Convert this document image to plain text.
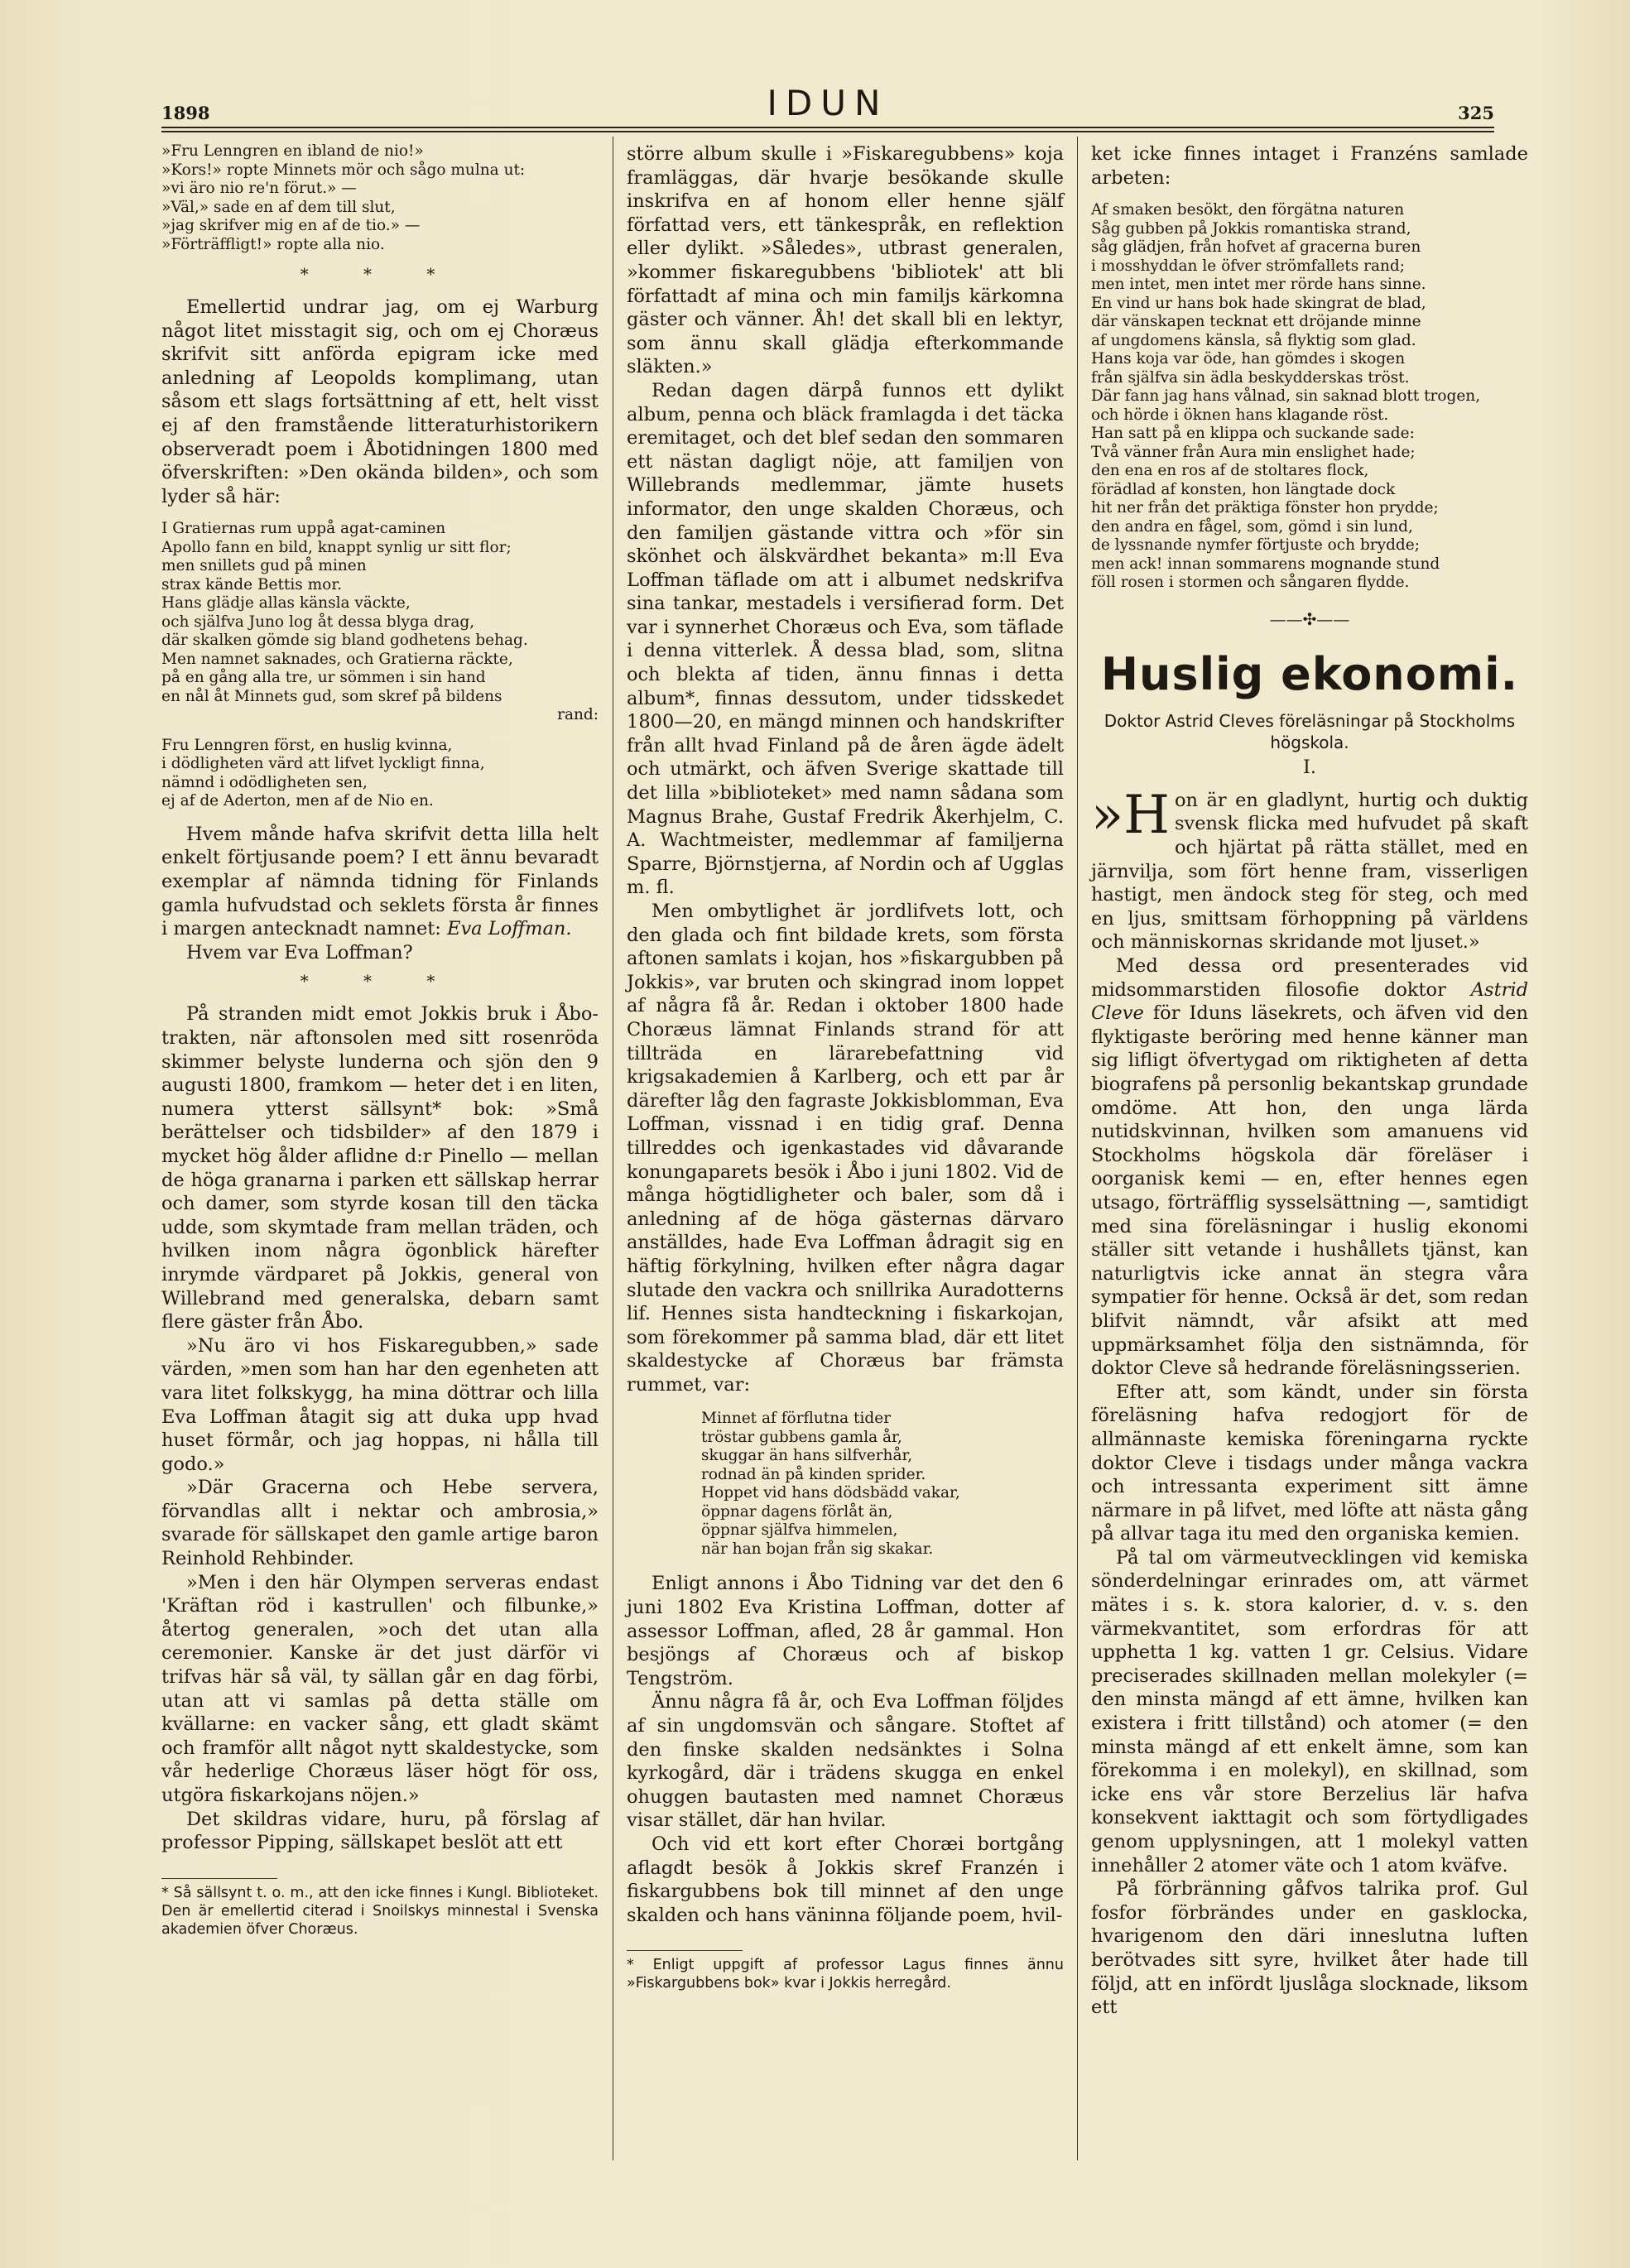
1898	IDUN	325
»Fru Lenngren en ibland de nio!»
»Kors!» ropte Minnets mör och sågo mulna ut:
»vi äro nio re'n förut.» —
»Väl,» sade en af dem till slut,
»jag skrifver mig en af de tio.» —
»Förträffligt!» ropte alla nio.
* * *

Emellertid undrar jag, om ej Warburg något litet misstagit sig, och om ej Choræus skrifvit sitt anförda epigram icke med anledning af Leopolds komplimang, utan såsom ett slags fortsättning af ett, helt visst ej af den framstående litteraturhistorikern observeradt poem i Åbotidningen 1800 med öfverskriften: »Den okända bilden», och som lyder så här:

I Gratiernas rum uppå agat-caminen
Apollo fann en bild, knappt synlig ur sitt flor;
men snillets gud på minen
strax kände Bettis mor.
Hans glädje allas känsla väckte,
och själfva Juno log åt dessa blyga drag,
där skalken gömde sig bland godhetens behag.
Men namnet saknades, och Gratierna räckte,
på en gång alla tre, ur sömmen i sin hand
en nål åt Minnets gud, som skref på bildens
rand:
Fru Lenngren först, en huslig kvinna,
i dödligheten värd att lifvet lyckligt finna,
nämnd i odödligheten sen,
ej af de Aderton, men af de Nio en.

Hvem månde hafva skrifvit detta lilla helt enkelt förtjusande poem? I ett ännu bevaradt exemplar af nämnda tidning för Finlands gamla hufvudstad och seklets första år finnes i margen antecknadt namnet: Eva Loffman.

Hvem var Eva Loffman?

* * *

På stranden midt emot Jokkis bruk i Åbo-trakten, när aftonsolen med sitt rosenröda skimmer belyste lunderna och sjön den 9 augusti 1800, framkom — heter det i en liten, numera ytterst sällsynt* bok: »Små berättelser och tidsbilder» af den 1879 i mycket hög ålder aflidne d:r Pinello — mellan de höga granarna i parken ett sällskap herrar och damer, som styrde kosan till den täcka udde, som skymtade fram mellan träden, och hvilken inom några ögonblick härefter inrymde värdparet på Jokkis, general von Willebrand med generalska, debarn samt flere gäster från Åbo.

»Nu äro vi hos Fiskaregubben,» sade värden, »men som han har den egenheten att vara litet folkskygg, ha mina döttrar och lilla Eva Loffman åtagit sig att duka upp hvad huset förmår, och jag hoppas, ni hålla till godo.»

»Där Gracerna och Hebe servera, förvandlas allt i nektar och ambrosia,» svarade för sällskapet den gamle artige baron Reinhold Rehbinder.

»Men i den här Olympen serveras endast 'Kräftan röd i kastrullen' och filbunke,» återtog generalen, »och det utan alla ceremonier. Kanske är det just därför vi trifvas här så väl, ty sällan går en dag förbi, utan att vi samlas på detta ställe om kvällarne: en vacker sång, ett gladt skämt och framför allt något nytt skaldestycke, som vår hederlige Choræus läser högt för oss, utgöra fiskarkojans nöjen.»

Det skildras vidare, huru, på förslag af professor Pipping, sällskapet beslöt att ett

* Så sällsynt t. o. m., att den icke finnes i Kungl. Biblioteket. Den är emellertid citerad i Snoilskys minnestal i Svenska akademien öfver Choræus.

större album skulle i »Fiskaregubbens» koja framläggas, där hvarje besökande skulle inskrifva en af honom eller henne själf författad vers, ett tänkespråk, en reflektion eller dylikt. »Således», utbrast generalen, »kommer fiskaregubbens 'bibliotek' att bli författadt af mina och min familjs kärkomna gäster och vänner. Åh! det skall bli en lektyr, som ännu skall glädja efterkommande släkten.»

Redan dagen därpå funnos ett dylikt album, penna och bläck framlagda i det täcka eremitaget, och det blef sedan den sommaren ett nästan dagligt nöje, att familjen von Willebrands medlemmar, jämte husets informator, den unge skalden Choræus, och den familjen gästande vittra och »för sin skönhet och älskvärdhet bekanta» m:ll Eva Loffman täflade om att i albumet nedskrifva sina tankar, mestadels i versifierad form. Det var i synnerhet Choræus och Eva, som täflade i denna vitterlek. Å dessa blad, som, slitna och blekta af tiden, ännu finnas i detta album*, finnas dessutom, under tidsskedet 1800—20, en mängd minnen och handskrifter från allt hvad Finland på de åren ägde ädelt och utmärkt, och äfven Sverige skattade till det lilla »biblioteket» med namn sådana som Magnus Brahe, Gustaf Fredrik Åkerhjelm, C. A. Wachtmeister, medlemmar af familjerna Sparre, Björnstjerna, af Nordin och af Ugglas m. fl.

Men ombytlighet är jordlifvets lott, och den glada och fint bildade krets, som första aftonen samlats i kojan, hos »fiskargubben på Jokkis», var bruten och skingrad inom loppet af några få år. Redan i oktober 1800 hade Choræus lämnat Finlands strand för att tillträda en lärarebefattning vid krigsakademien å Karlberg, och ett par år därefter låg den fagraste Jokkisblomman, Eva Loffman, vissnad i en tidig graf. Denna tillreddes och igenkastades vid dåvarande konungaparets besök i Åbo i juni 1802. Vid de många högtidligheter och baler, som då i anledning af de höga gästernas därvaro anställdes, hade Eva Loffman ådragit sig en häftig förkylning, hvilken efter några dagar slutade den vackra och snillrika Auradotterns lif. Hennes sista handteckning i fiskarkojan, som förekommer på samma blad, där ett litet skaldestycke af Choræus bar främsta rummet, var:

Minnet af förflutna tider
tröstar gubbens gamla år,
skuggar än hans silfverhår,
rodnad än på kinden sprider.
Hoppet vid hans dödsbädd vakar,
öppnar dagens förlåt än,
öppnar själfva himmelen,
när han bojan från sig skakar.

Enligt annons i Åbo Tidning var det den 6 juni 1802 Eva Kristina Loffman, dotter af assessor Loffman, afled, 28 år gammal. Hon besjöngs af Choræus och af biskop Tengström.

Ännu några få år, och Eva Loffman följdes af sin ungdomsvän och sångare. Stoftet af den finske skalden nedsänktes i Solna kyrkogård, där i trädens skugga en enkel ohuggen bautasten med namnet Choræus visar stället, där han hvilar.

Och vid ett kort efter Choræi bortgång aflagdt besök å Jokkis skref Franzén i fiskargubbens bok till minnet af den unge skalden och hans väninna följande poem, hvil-

* Enligt uppgift af professor Lagus finnes ännu »Fiskargubbens bok» kvar i Jokkis herregård.

ket icke finnes intaget i Franzéns samlade arbeten:

Af smaken besökt, den förgätna naturen
Såg gubben på Jokkis romantiska strand,
såg glädjen, från hofvet af gracerna buren
i mosshyddan le öfver strömfallets rand;
men intet, men intet mer rörde hans sinne.
En vind ur hans bok hade skingrat de blad,
där vänskapen tecknat ett dröjande minne
af ungdomens känsla, så flyktig som glad.
Hans koja var öde, han gömdes i skogen
från själfva sin ädla beskydderskas tröst.
Där fann jag hans vålnad, sin saknad blott trogen,
och hörde i öknen hans klagande röst.
Han satt på en klippa och suckande sade:
Två vänner från Aura min enslighet hade;
den ena en ros af de stoltares flock,
förädlad af konsten, hon längtade dock
hit ner från det präktiga fönster hon prydde;
den andra en fågel, som, gömd i sin lund,
de lyssnande nymfer förtjuste och brydde;
men ack! innan sommarens mognande stund
föll rosen i stormen och sångaren flydde.
——✣——
Huslig ekonomi.
Doktor Astrid Cleves föreläsningar på Stockholms högskola.
I.

»H on är en gladlynt, hurtig och duktig svensk flicka med hufvudet på skaft och hjärtat på rätta stället, med en järnvilja, som fört henne fram, visserligen hastigt, men ändock steg för steg, och med en ljus, smittsam förhoppning på världens och människornas skridande mot ljuset.»

Med dessa ord presenterades vid midsommarstiden filosofie doktor Astrid Cleve för Iduns läsekrets, och äfven vid den flyktigaste beröring med henne känner man sig lifligt öfvertygad om riktigheten af detta biografens på personlig bekantskap grundade omdöme. Att hon, den unga lärda nutidskvinnan, hvilken som amanuens vid Stockholms högskola där föreläser i oorganisk kemi — en, efter hennes egen utsago, förträfflig sysselsättning —, samtidigt med sina föreläsningar i huslig ekonomi ställer sitt vetande i hushållets tjänst, kan naturligtvis icke annat än stegra våra sympatier för henne. Också är det, som redan blifvit nämndt, vår afsikt att med uppmärksamhet följa den sistnämnda, för doktor Cleve så hedrande föreläsningsserien.

Efter att, som kändt, under sin första föreläsning hafva redogjort för de allmännaste kemiska föreningarna ryckte doktor Cleve i tisdags under många vackra och intressanta experiment sitt ämne närmare in på lifvet, med löfte att nästa gång på allvar taga itu med den organiska kemien.

På tal om värmeutvecklingen vid kemiska sönderdelningar erinrades om, att värmet mätes i s. k. stora kalorier, d. v. s. den värmekvantitet, som erfordras för att upphetta 1 kg. vatten 1 gr. Celsius. Vidare preciserades skillnaden mellan molekyler (= den minsta mängd af ett ämne, hvilken kan existera i fritt tillstånd) och atomer (= den minsta mängd af ett enkelt ämne, som kan förekomma i en molekyl), en skillnad, som icke ens vår store Berzelius lär hafva konsekvent iakttagit och som förtydligades genom upplysningen, att 1 molekyl vatten innehåller 2 atomer väte och 1 atom kväfve.

På förbränning gåfvos talrika prof. Gul fosfor förbrändes under en gasklocka, hvarigenom den däri inneslutna luften berötvades sitt syre, hvilket åter hade till följd, att en infördt ljuslåga slocknade, liksom ett
